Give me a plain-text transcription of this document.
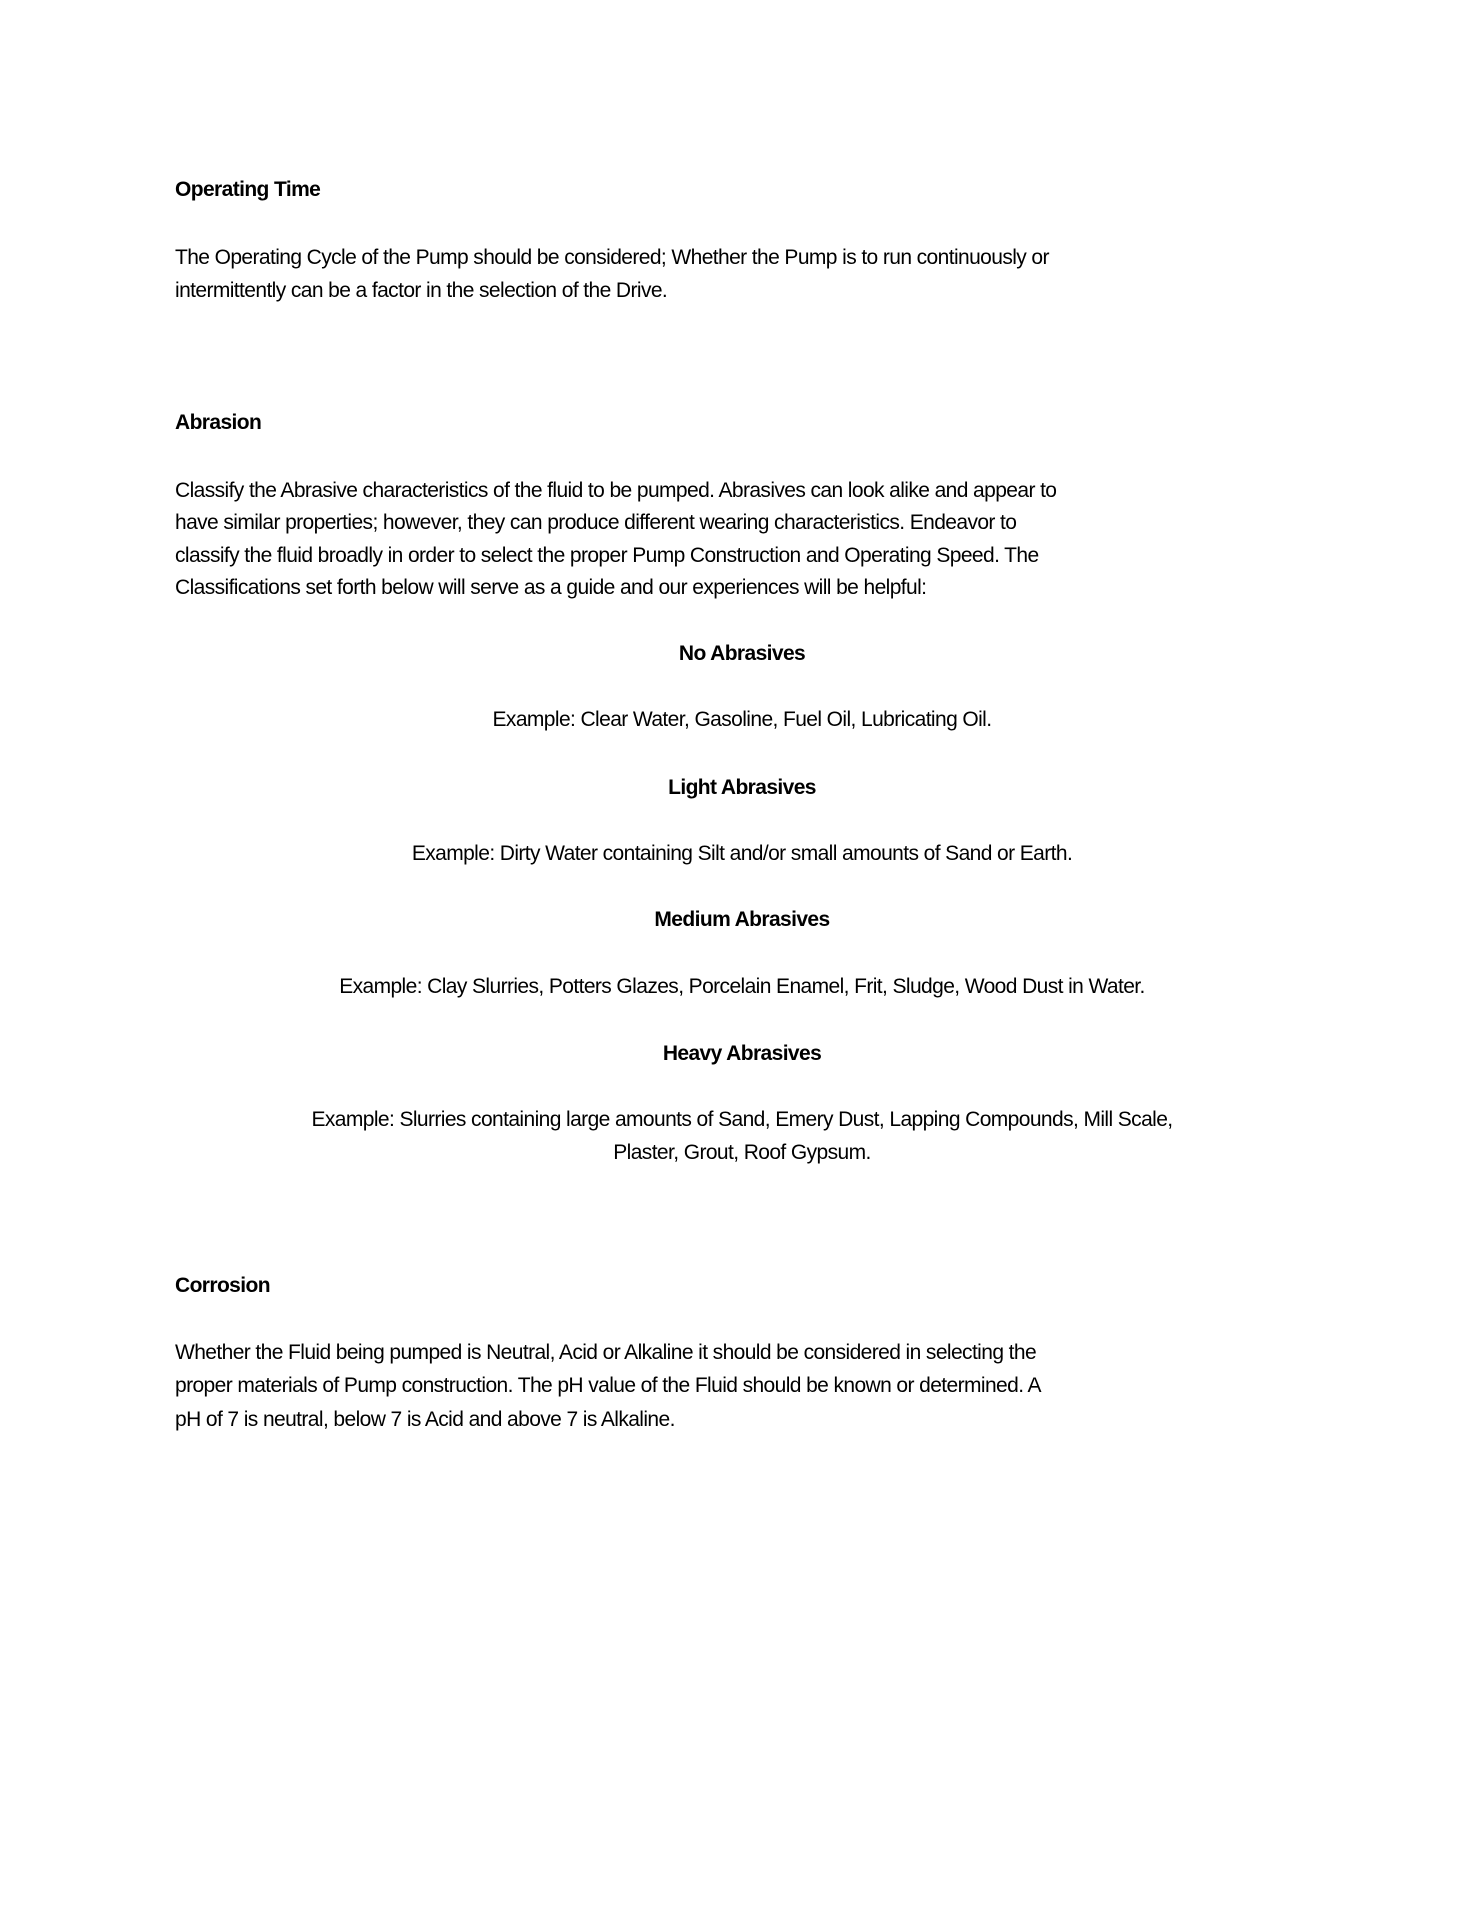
Operating Time
The Operating Cycle of the Pump should be considered; Whether the Pump is to run continuously or
intermittently can be a factor in the selection of the Drive.
Abrasion
Classify the Abrasive characteristics of the fluid to be pumped. Abrasives can look alike and appear to
have similar properties; however, they can produce different wearing characteristics. Endeavor to
classify the fluid broadly in order to select the proper Pump Construction and Operating Speed. The
Classifications set forth below will serve as a guide and our experiences will be helpful:
No Abrasives
Example: Clear Water, Gasoline, Fuel Oil, Lubricating Oil.
Light Abrasives
Example: Dirty Water containing Silt and/or small amounts of Sand or Earth.
Medium Abrasives
Example: Clay Slurries, Potters Glazes, Porcelain Enamel, Frit, Sludge, Wood Dust in Water.
Heavy Abrasives
Example: Slurries containing large amounts of Sand, Emery Dust, Lapping Compounds, Mill Scale,
Plaster, Grout, Roof Gypsum.
Corrosion
Whether the Fluid being pumped is Neutral, Acid or Alkaline it should be considered in selecting the
proper materials of Pump construction. The pH value of the Fluid should be known or determined. A
pH of 7 is neutral, below 7 is Acid and above 7 is Alkaline.
